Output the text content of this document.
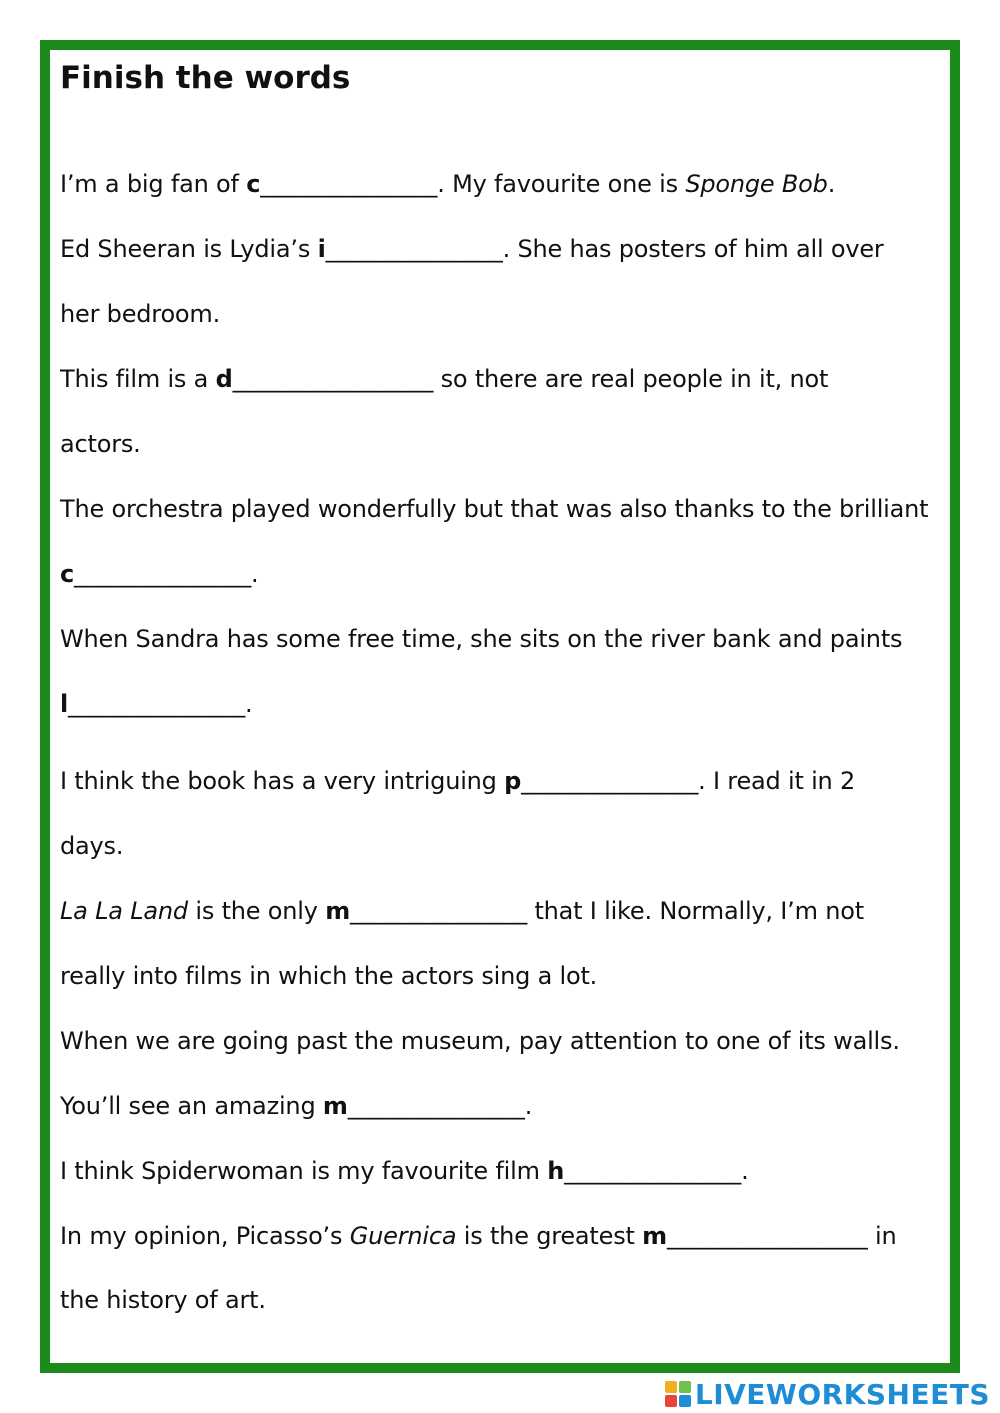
Finish the words
I’m a big fan of c_______________. My favourite one is Sponge Bob.
Ed Sheeran is Lydia’s i_______________. She has posters of him all over
her bedroom.
This film is a d_________________ so there are real people in it, not
actors.
The orchestra played wonderfully but that was also thanks to the brilliant
c_______________.
When Sandra has some free time, she sits on the river bank and paints
l_______________.
I think the book has a very intriguing p_______________. I read it in 2
days.
La La Land is the only m_______________ that I like. Normally, I’m not
really into films in which the actors sing a lot.
When we are going past the museum, pay attention to one of its walls.
You’ll see an amazing m_______________.
I think Spiderwoman is my favourite film h_______________.
In my opinion, Picasso’s Guernica is the greatest m_________________ in
the history of art.
LIVEWORKSHEETS
